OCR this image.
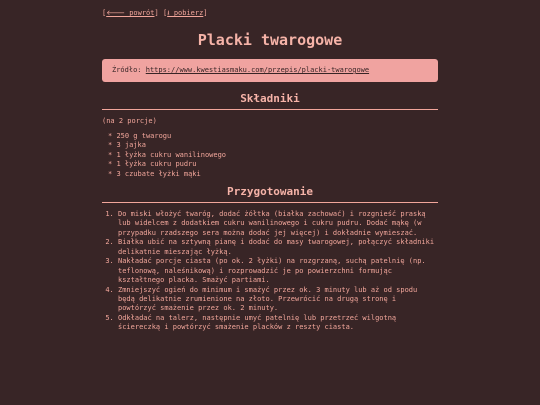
[🡐 powrót] [⭳ pobierz]
Placki twarogowe
Źródło: https://www.kwestiasmaku.com/przepis/placki-twarogowe
Składniki
(na 2 porcje)
* 250 g twarogu
* 3 jajka
* 1 łyżka cukru wanilinowego
* 1 łyżka cukru pudru
* 3 czubate łyżki mąki
Przygotowanie
1. Do miski włożyć twaróg, dodać żółtka (białka zachować) i rozgnieść praską lub widelcem z dodatkiem cukru wanilinowego i cukru pudru. Dodać mąkę (w przypadku rzadszego sera można dodać jej więcej) i dokładnie wymieszać.
2. Białka ubić na sztywną pianę i dodać do masy twarogowej, połączyć składniki delikatnie mieszając łyżką.
3. Nakładać porcje ciasta (po ok. 2 łyżki) na rozgrzaną, suchą patelnię (np. teflonową, naleśnikową) i rozprowadzić je po powierzchni formując kształtnego placka. Smażyć partiami.
4. Zmniejszyć ogień do minimum i smażyć przez ok. 3 minuty lub aż od spodu będą delikatnie zrumienione na złoto. Przewrócić na drugą stronę i powtórzyć smażenie przez ok. 2 minuty.
5. Odkładać na talerz, następnie umyć patelnię lub przetrzeć wilgotną ściereczką i powtórzyć smażenie placków z reszty ciasta.
